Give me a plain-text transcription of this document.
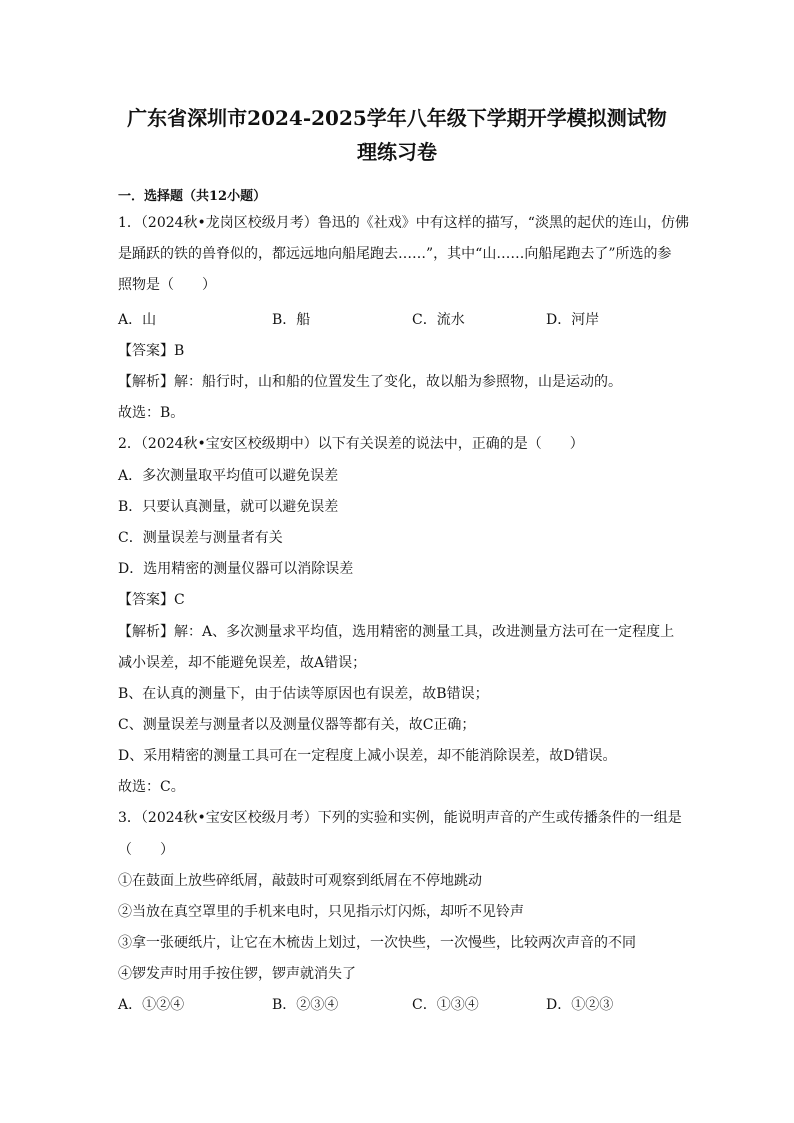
广东省深圳市2024-2025学年八年级下学期开学模拟测试物
理练习卷
一．选择题（共12小题）
1．（2024秋•龙岗区校级月考）鲁迅的《社戏》中有这样的描写，“淡黑的起伏的连山，仿佛
是踊跃的铁的兽脊似的，都远远地向船尾跑去……”，其中“山……向船尾跑去了”所选的参
照物是（　　）
A．山	B．船	C．流水	D．河岸
【答案】B
【解析】解：船行时，山和船的位置发生了变化，故以船为参照物，山是运动的。
故选：B。
2．（2024秋•宝安区校级期中）以下有关误差的说法中，正确的是（　　）
A．多次测量取平均值可以避免误差
B．只要认真测量，就可以避免误差
C．测量误差与测量者有关
D．选用精密的测量仪器可以消除误差
【答案】C
【解析】解：A、多次测量求平均值，选用精密的测量工具，改进测量方法可在一定程度上
减小误差，却不能避免误差，故A错误；
B、在认真的测量下，由于估读等原因也有误差，故B错误；
C、测量误差与测量者以及测量仪器等都有关，故C正确；
D、采用精密的测量工具可在一定程度上减小误差，却不能消除误差，故D错误。
故选：C。
3．（2024秋•宝安区校级月考）下列的实验和实例，能说明声音的产生或传播条件的一组是
（　　）
①在鼓面上放些碎纸屑，敲鼓时可观察到纸屑在不停地跳动
②当放在真空罩里的手机来电时，只见指示灯闪烁，却听不见铃声
③拿一张硬纸片，让它在木梳齿上划过，一次快些，一次慢些，比较两次声音的不同
④锣发声时用手按住锣，锣声就消失了
A．①②④	B．②③④	C．①③④	D．①②③
